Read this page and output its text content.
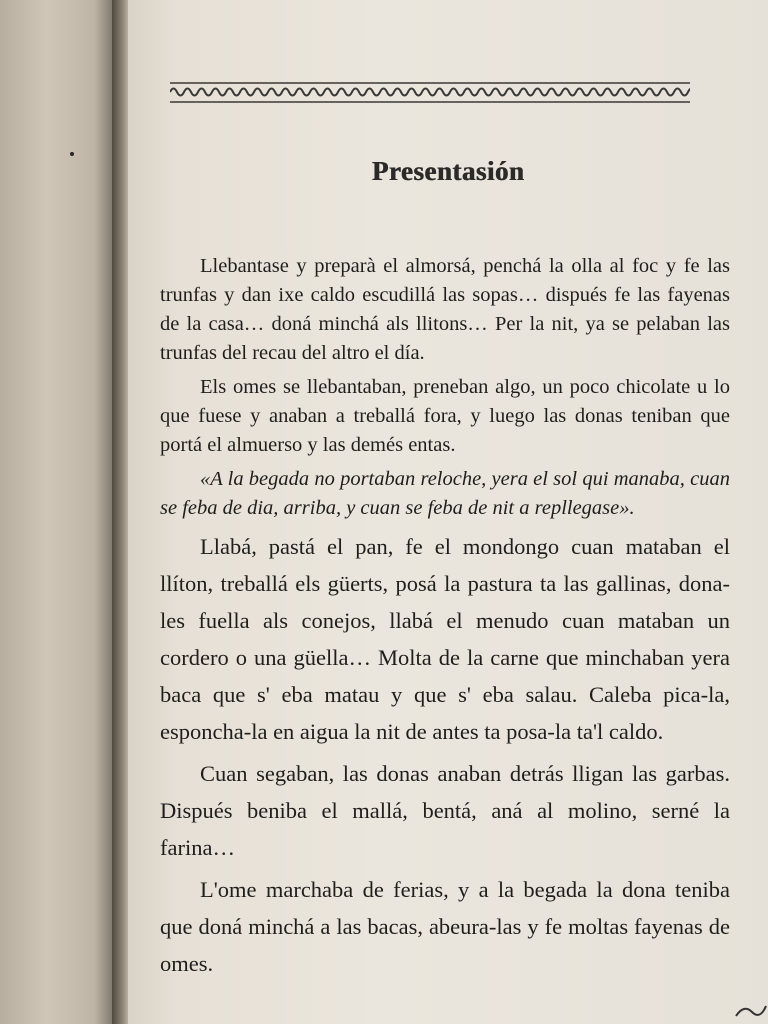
Presentasión

Llebantase y preparà el almorsá, penchá la olla al foc y fe las trunfas y dan ixe caldo escudillá las sopas… dispués fe las fayenas de la casa… doná minchá als llitons… Per la nit, ya se pelaban las trunfas del recau del altro el día.

Els omes se llebantaban, preneban algo, un poco chicolate u lo que fuese y anaban a treballá fora, y luego las donas teniban que portá el almuerso y las demés entas.

«A la begada no portaban reloche, yera el sol qui manaba, cuan se feba de dia, arriba, y cuan se feba de nit a repllegase».

Llabá, pastá el pan, fe el mondongo cuan mataban el llíton, treballá els güerts, posá la pastura ta las gallinas, dona-les fuella als conejos, llabá el menudo cuan mataban un cordero o una güella… Molta de la carne que minchaban yera baca que s' eba matau y que s' eba salau. Caleba pica-la, esponcha-la en aigua la nit de antes ta posa-la ta'l caldo.

Cuan segaban, las donas anaban detrás lligan las garbas. Dispués beniba el mallá, bentá, aná al molino, serné la farina…

L'ome marchaba de ferias, y a la begada la dona teniba que doná minchá a las bacas, abeura-las y fe moltas fayenas de omes.
